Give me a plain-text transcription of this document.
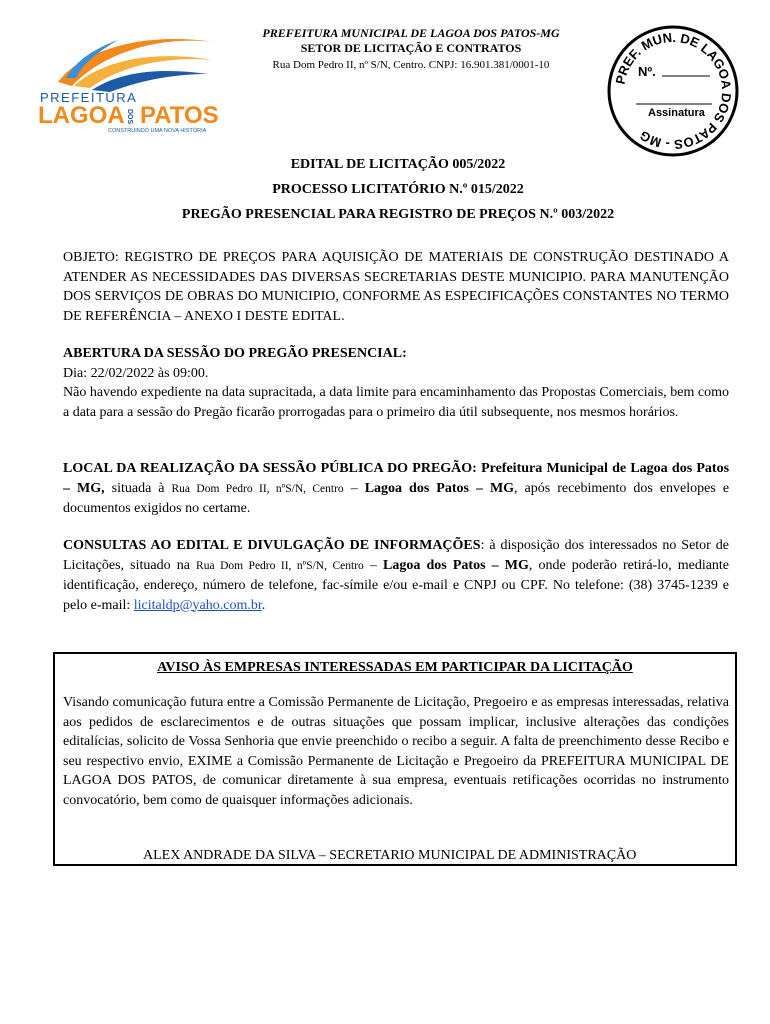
PREFEITURA
LAGOA DOS PATOS
CONSTRUINDO UMA NOVA HISTÓRIA
PREFEITURA MUNICIPAL DE LAGOA DOS PATOS-MG
SETOR DE LICITAÇÃO E CONTRATOS
Rua Dom Pedro II, nº S/N, Centro. CNPJ: 16.901.381/0001-10
PREF. MUN. DE LAGOA DOS PATOS - MG
Nº.
Assinatura
EDITAL DE LICITAÇÃO 005/2022
PROCESSO LICITATÓRIO N.º 015/2022
PREGÃO PRESENCIAL PARA REGISTRO DE PREÇOS N.º 003/2022
OBJETO: REGISTRO DE PREÇOS PARA AQUISIÇÃO DE MATERIAIS DE CONSTRUÇÃO DESTINADO A ATENDER AS NECESSIDADES DAS DIVERSAS SECRETARIAS DESTE MUNICIPIO. PARA MANUTENÇÃO DOS SERVIÇOS DE OBRAS DO MUNICIPIO, CONFORME AS ESPECIFICAÇÕES CONSTANTES NO TERMO DE REFERÊNCIA – ANEXO I DESTE EDITAL.
ABERTURA DA SESSÃO DO PREGÃO PRESENCIAL:
Dia: 22/02/2022 às 09:00.
Não havendo expediente na data supracitada, a data limite para encaminhamento das Propostas Comerciais, bem como a data para a sessão do Pregão ficarão prorrogadas para o primeiro dia útil subsequente, nos mesmos horários.
LOCAL DA REALIZAÇÃO DA SESSÃO PÚBLICA DO PREGÃO: Prefeitura Municipal de Lagoa dos Patos – MG, situada à Rua Dom Pedro II, nºS/N, Centro – Lagoa dos Patos – MG, após recebimento dos envelopes e documentos exigidos no certame.
CONSULTAS AO EDITAL E DIVULGAÇÃO DE INFORMAÇÕES: à disposição dos interessados no Setor de Licitações, situado na Rua Dom Pedro II, nºS/N, Centro – Lagoa dos Patos – MG, onde poderão retirá-lo, mediante identificação, endereço, número de telefone, fac-símile e/ou e-mail e CNPJ ou CPF. No telefone: (38) 3745-1239 e pelo e-mail: licitaldp@yaho.com.br.
AVISO ÀS EMPRESAS INTERESSADAS EM PARTICIPAR DA LICITAÇÃO
Visando comunicação futura entre a Comissão Permanente de Licitação, Pregoeiro e as empresas interessadas, relativa aos pedidos de esclarecimentos e de outras situações que possam implicar, inclusive alterações das condições editalícias, solicito de Vossa Senhoria que envie preenchido o recibo a seguir. A falta de preenchimento desse Recibo e seu respectivo envio, EXIME a Comissão Permanente de Licitação e Pregoeiro da PREFEITURA MUNICIPAL DE LAGOA DOS PATOS, de comunicar diretamente à sua empresa, eventuais retificações ocorridas no instrumento convocatório, bem como de quaisquer informações adicionais.
ALEX ANDRADE DA SILVA – SECRETARIO MUNICIPAL DE ADMINISTRAÇÃO
